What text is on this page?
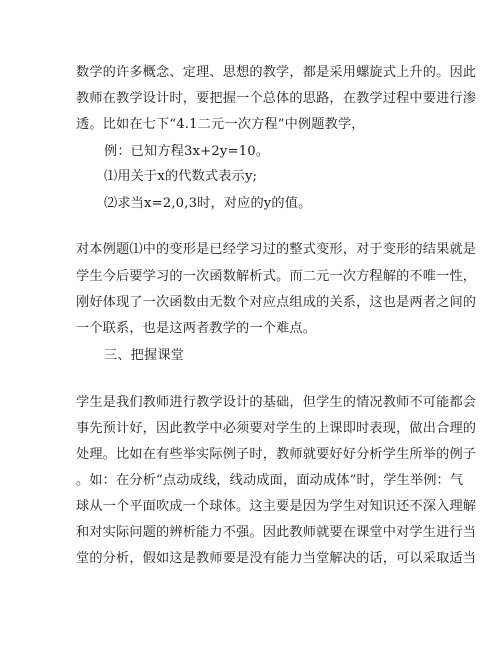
数学的许多概念、定理、思想的教学，都是采用螺旋式上升的。因此
教师在教学设计时，要把握一个总体的思路，在教学过程中要进行渗
透。比如在七下“4.1二元一次方程”中例题教学，
例：已知方程3x+2y=10。
⑴用关于x的代数式表示y;
⑵求当x=2,0,3时，对应的y的值。
对本例题⑴中的变形是已经学习过的整式变形，对于变形的结果就是
学生今后要学习的一次函数解析式。而二元一次方程解的不唯一性，
刚好体现了一次函数由无数个对应点组成的关系，这也是两者之间的
一个联系，也是这两者教学的一个难点。
三、把握课堂
学生是我们教师进行教学设计的基础，但学生的情况教师不可能都会
事先预计好，因此教学中必须要对学生的上课即时表现，做出合理的
处理。比如在有些举实际例子时，教师就要好好分析学生所举的例子
。如：在分析“点动成线，线动成面，面动成体”时，学生举例：气
球从一个平面吹成一个球体。这主要是因为学生对知识还不深入理解
和对实际问题的辨析能力不强。因此教师就要在课堂中对学生进行当
堂的分析，假如这是教师要是没有能力当堂解决的话，可以采取适当
